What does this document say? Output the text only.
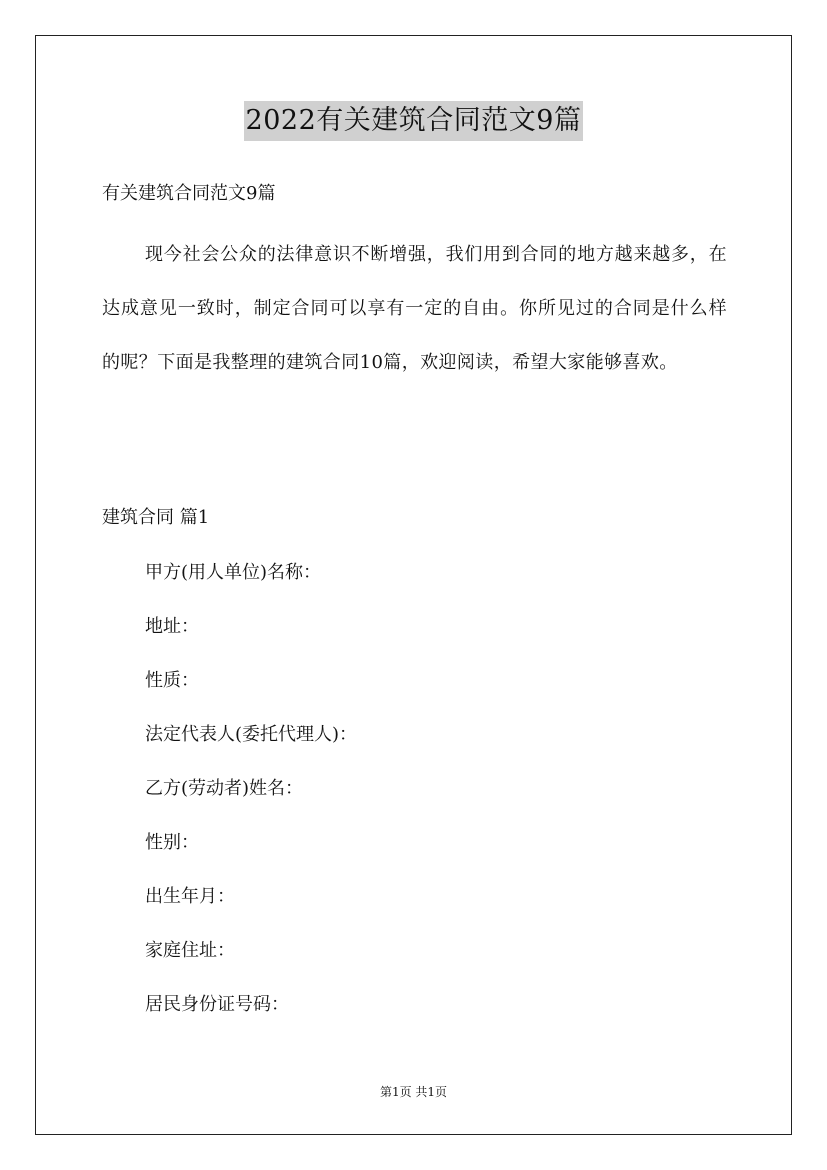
2022有关建筑合同范文9篇
有关建筑合同范文9篇

现今社会公众的法律意识不断增强，我们用到合同的地方越来越多，在达成意见一致时，制定合同可以享有一定的自由。你所见过的合同是什么样的呢？下面是我整理的建筑合同10篇，欢迎阅读，希望大家能够喜欢。

建筑合同 篇1
甲方(用人单位)名称：
地址：
性质：
法定代表人(委托代理人)：
乙方(劳动者)姓名：
性别：
出生年月：
家庭住址：
居民身份证号码：
第1页 共1页
